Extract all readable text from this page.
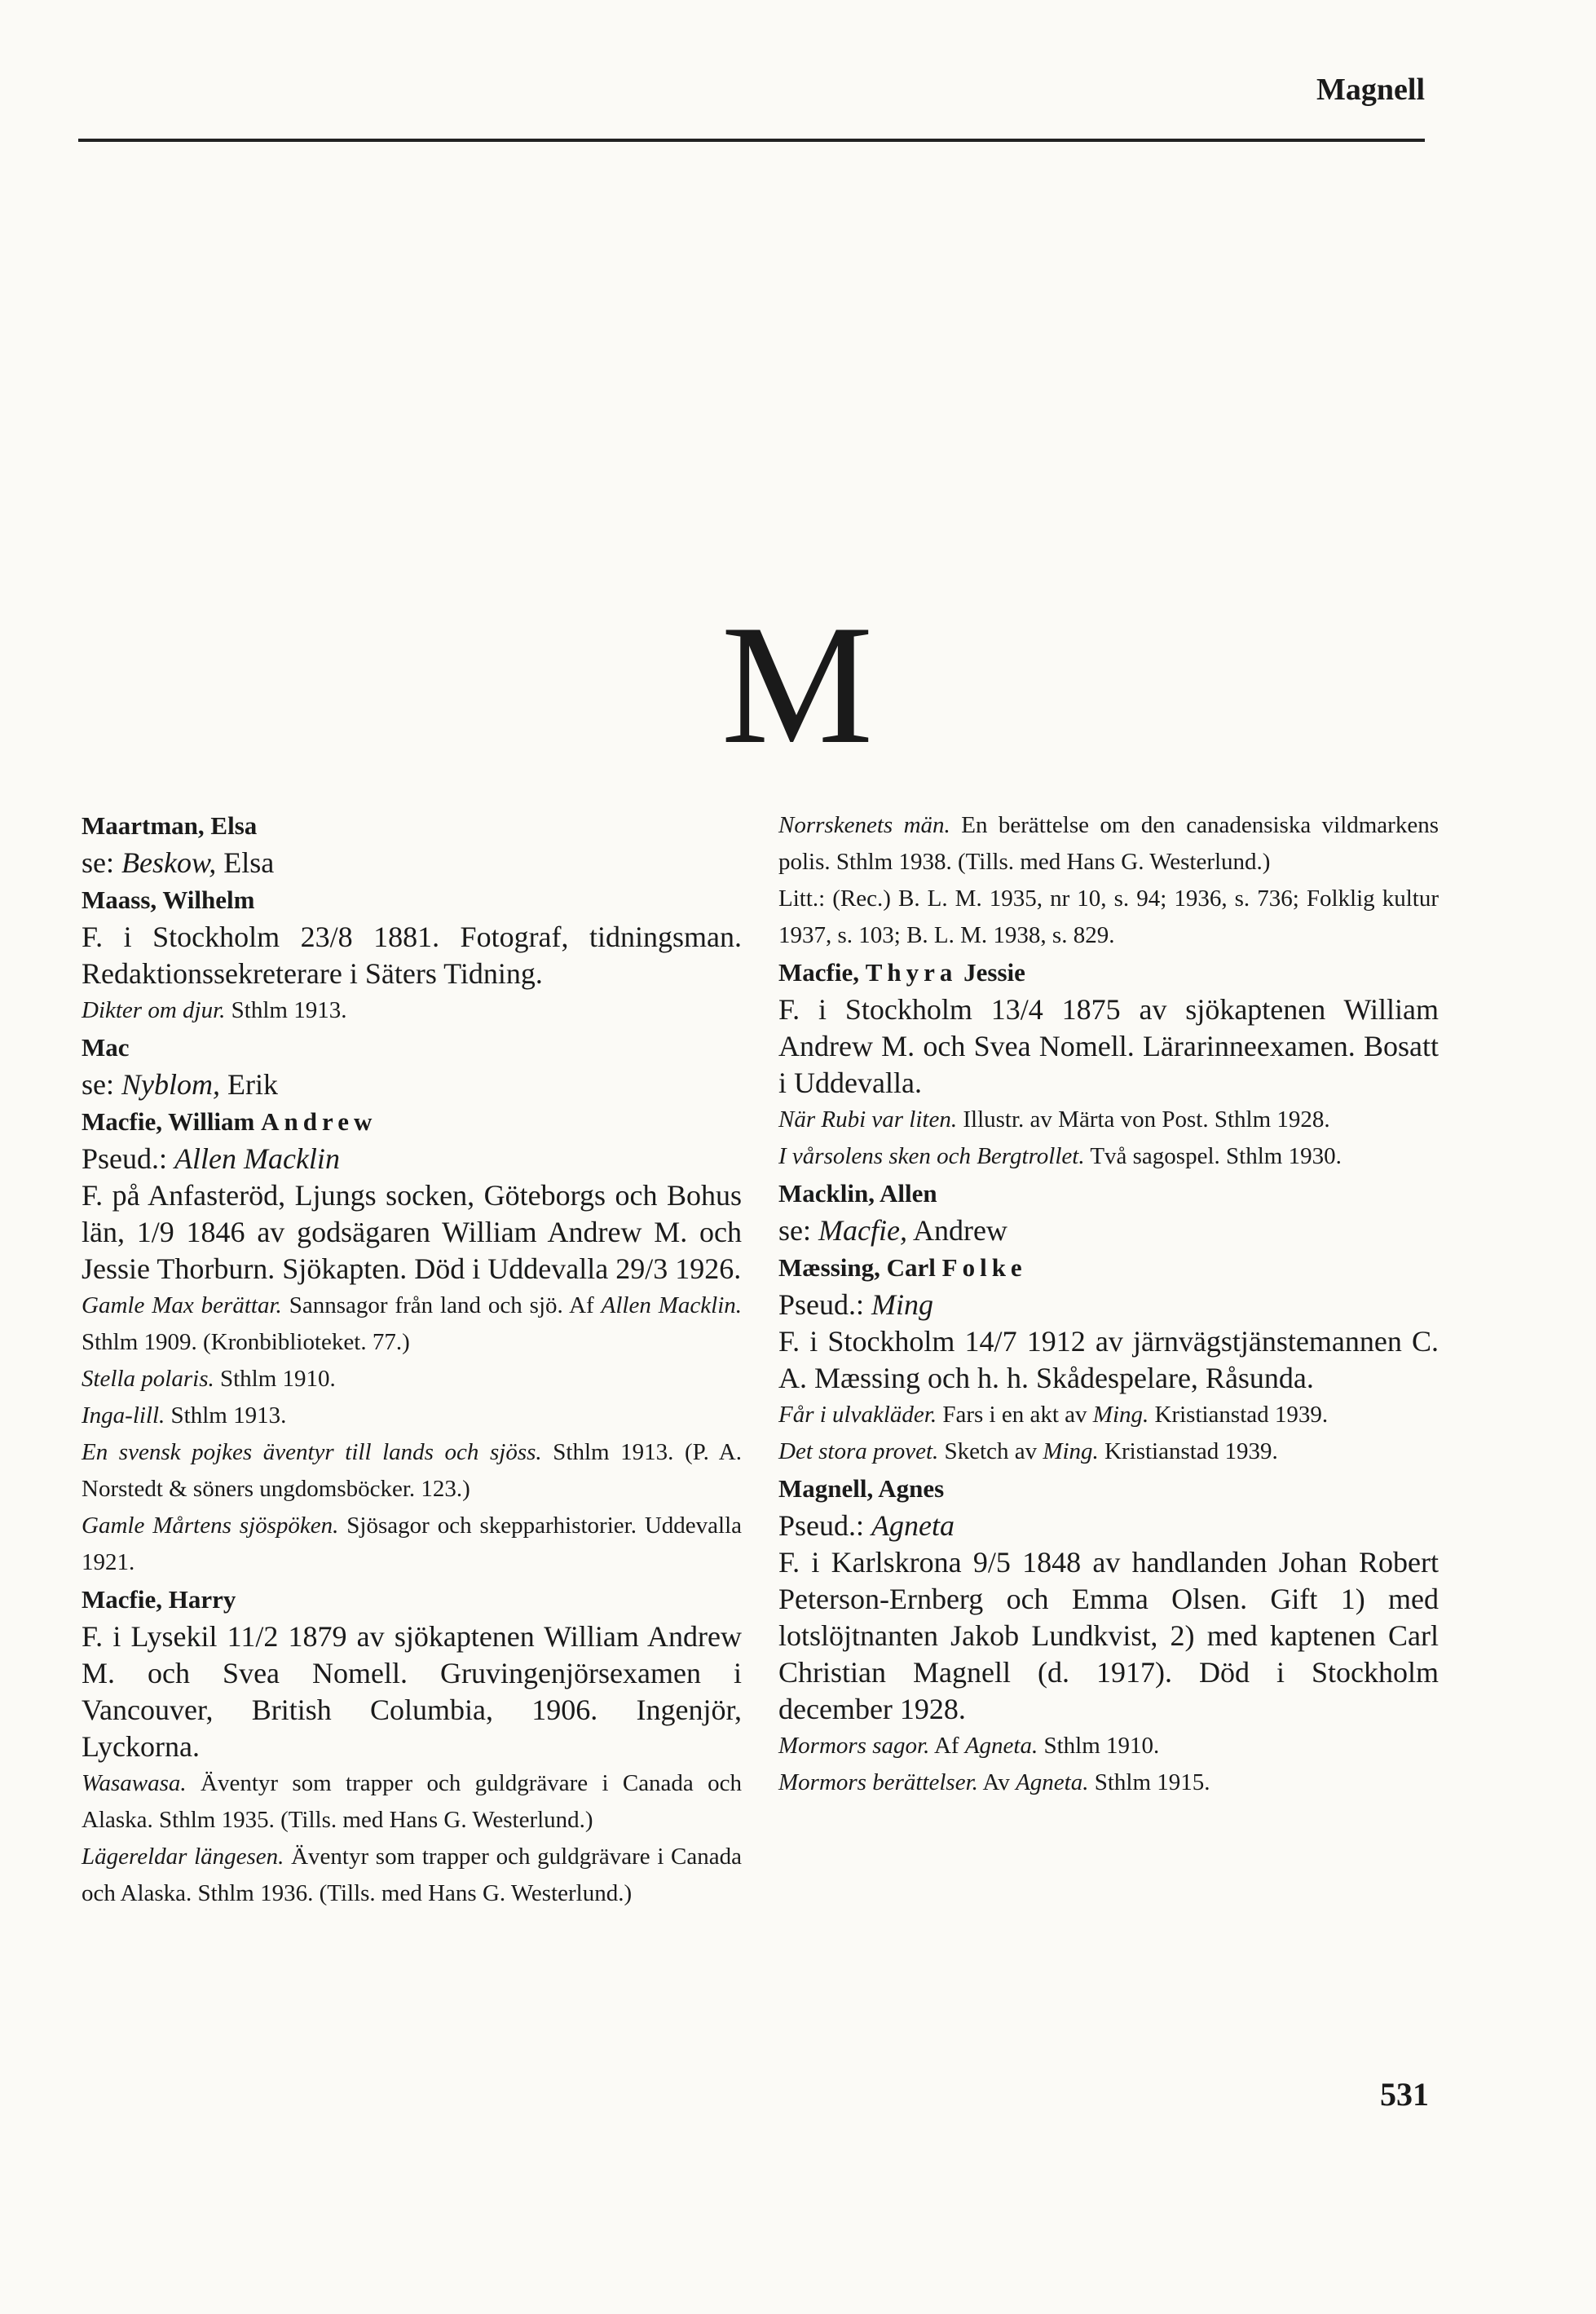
Magnell
M
Maartman, Elsa
se: Beskow, Elsa
Maass, Wilhelm
F. i Stockholm 23/8 1881. Fotograf, tidningsman. Redaktionssekreterare i Säters Tidning.
Dikter om djur. Sthlm 1913.
Mac
se: Nyblom, Erik
Macfie, William Andrew
Pseud.: Allen Macklin
F. på Anfasteröd, Ljungs socken, Göteborgs och Bohus län, 1/9 1846 av godsägaren William Andrew M. och Jessie Thorburn. Sjökapten. Död i Uddevalla 29/3 1926.
Gamle Max berättar. Sannsagor från land och sjö. Af Allen Macklin. Sthlm 1909. (Kronbiblioteket. 77.)
Stella polaris. Sthlm 1910.
Inga-lill. Sthlm 1913.
En svensk pojkes äventyr till lands och sjöss. Sthlm 1913. (P. A. Norstedt & söners ungdomsböcker. 123.)
Gamle Mårtens sjöspöken. Sjösagor och skepparhistorier. Uddevalla 1921.
Macfie, Harry
F. i Lysekil 11/2 1879 av sjökaptenen William Andrew M. och Svea Nomell. Gruvingenjörsexamen i Vancouver, British Columbia, 1906. Ingenjör, Lyckorna.
Wasawasa. Äventyr som trapper och guldgrävare i Canada och Alaska. Sthlm 1935. (Tills. med Hans G. Westerlund.)
Lägereldar längesen. Äventyr som trapper och guldgrävare i Canada och Alaska. Sthlm 1936. (Tills. med Hans G. Westerlund.)
Norrskenets män. En berättelse om den canadensiska vildmarkens polis. Sthlm 1938. (Tills. med Hans G. Westerlund.)
Litt.: (Rec.) B. L. M. 1935, nr 10, s. 94; 1936, s. 736; Folklig kultur 1937, s. 103; B. L. M. 1938, s. 829.
Macfie, Thyra Jessie
F. i Stockholm 13/4 1875 av sjökaptenen William Andrew M. och Svea Nomell. Lärarinneexamen. Bosatt i Uddevalla.
När Rubi var liten. Illustr. av Märta von Post. Sthlm 1928.
I vårsolens sken och Bergtrollet. Två sagospel. Sthlm 1930.
Macklin, Allen
se: Macfie, Andrew
Mæssing, Carl Folke
Pseud.: Ming
F. i Stockholm 14/7 1912 av järnvägstjänstemannen C. A. Mæssing och h. h. Skådespelare, Råsunda.
Får i ulvakläder. Fars i en akt av Ming. Kristianstad 1939.
Det stora provet. Sketch av Ming. Kristianstad 1939.
Magnell, Agnes
Pseud.: Agneta
F. i Karlskrona 9/5 1848 av handlanden Johan Robert Peterson-Ernberg och Emma Olsen. Gift 1) med lotslöjtnanten Jakob Lundkvist, 2) med kaptenen Carl Christian Magnell (d. 1917). Död i Stockholm december 1928.
Mormors sagor. Af Agneta. Sthlm 1910.
Mormors berättelser. Av Agneta. Sthlm 1915.
531
